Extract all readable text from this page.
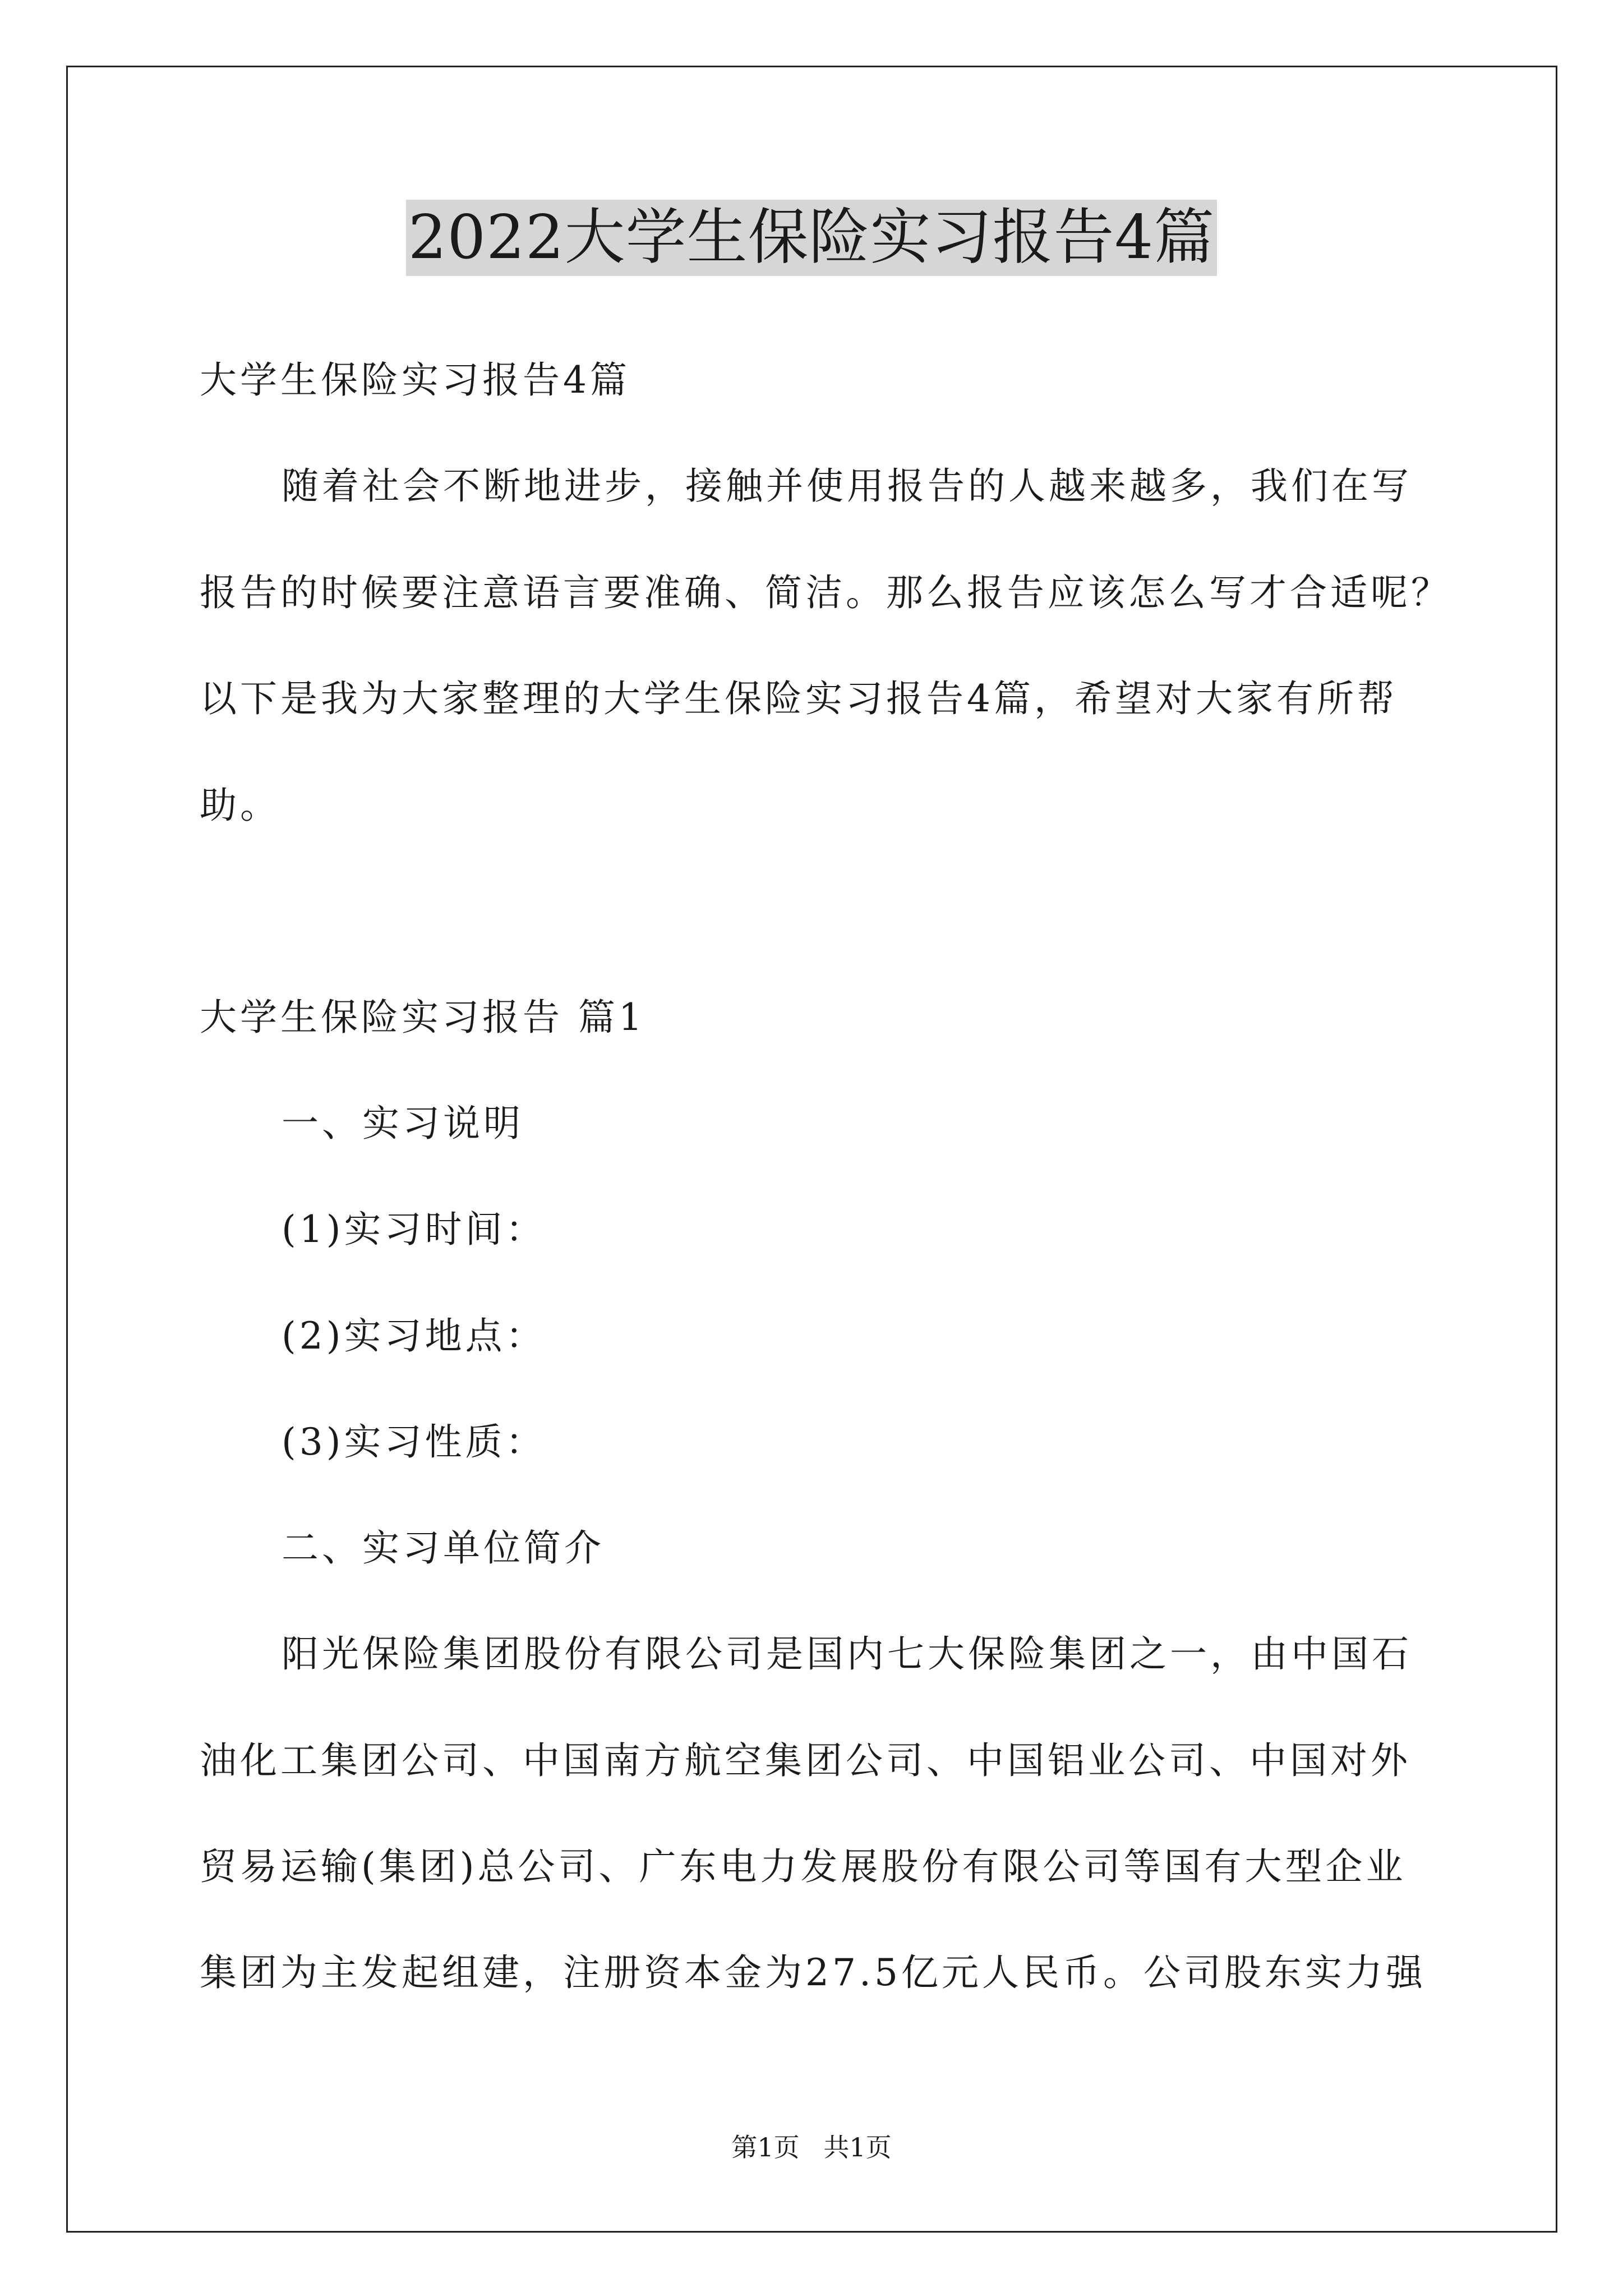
2022大学生保险实习报告4篇
大学生保险实习报告4篇
随着社会不断地进步，接触并使用报告的人越来越多，我们在写
报告的时候要注意语言要准确、简洁。那么报告应该怎么写才合适呢？
以下是我为大家整理的大学生保险实习报告4篇，希望对大家有所帮
助。
大学生保险实习报告 篇1
一、实习说明
(1)实习时间：
(2)实习地点：
(3)实习性质：
二、实习单位简介
阳光保险集团股份有限公司是国内七大保险集团之一，由中国石
油化工集团公司、中国南方航空集团公司、中国铝业公司、中国对外
贸易运输(集团)总公司、广东电力发展股份有限公司等国有大型企业
集团为主发起组建，注册资本金为27.5亿元人民币。公司股东实力强
第1页 共1页
